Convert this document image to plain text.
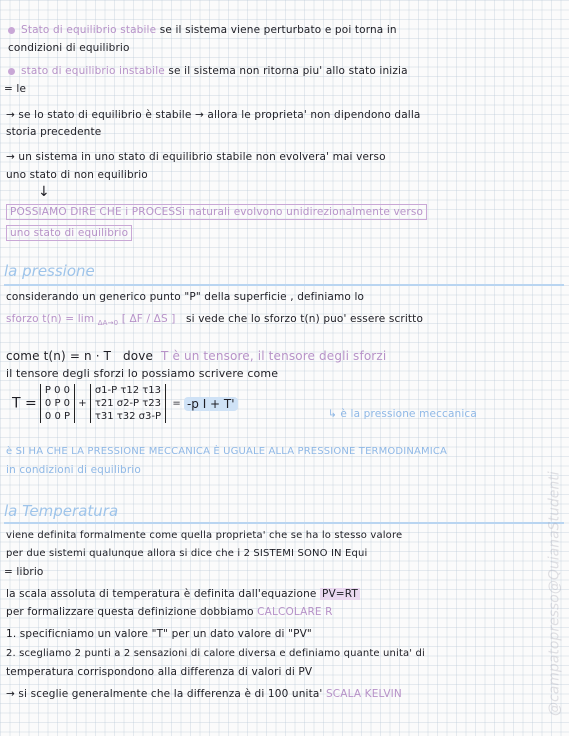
Stato di equilibrio stabile se il sistema viene perturbato e poi torna in
condizioni di equilibrio
stato di equilibrio instabile se il sistema non ritorna piu' allo stato inizia
= le
→ se lo stato di equilibrio è stabile → allora le proprieta' non dipendono dalla
storia precedente
→ un sistema in uno stato di equilibrio stabile non evolvera' mai verso
uno stato di non equilibrio
↓
POSSIAMO DIRE CHE i PROCESSi naturali evolvono unidirezionalmente verso
uno stato di equilibrio
la pressione
considerando un generico punto "P" della superficie , definiamo lo
sforzo t(n) = lim $_{\Delta A\to 0}$ [ ΔF / ΔS ] si vede che lo sforzo t(n) puo' essere scritto
come t(n) = n · T dove T è un tensore, il tensore degli sforzi
il tensore degli sforzi lo possiamo scrivere come
T =
P 0 0
0 P 0
0 0 P
+
σ1-P τ12 τ13
τ21 σ2-P τ23
τ31 τ32 σ3-P
= -p I + T'
↳ è la pressione meccanica
è SI HA CHE LA PRESSIONE MECCANICA È UGUALE ALLA PRESSIONE TERMODINAMICA
in condizioni di equilibrio
la Temperatura
viene definita formalmente come quella proprieta' che se ha lo stesso valore
per due sistemi qualunque allora si dice che i 2 SISTEMI SONO IN Equi
= librio
la scala assoluta di temperatura è definita dall'equazione PV=RT
per formalizzare questa definizione dobbiamo CALCOLARE R
1. specificniamo un valore "T" per un dato valore di "PV"
2. scegliamo 2 punti a 2 sensazioni di calore diversa e definiamo quante unita' di
temperatura corrispondono alla differenza di valori di PV
→ si sceglie generalmente che la differenza è di 100 unita' SCALA KELVIN	@campatopresso@QuianaStudenti
